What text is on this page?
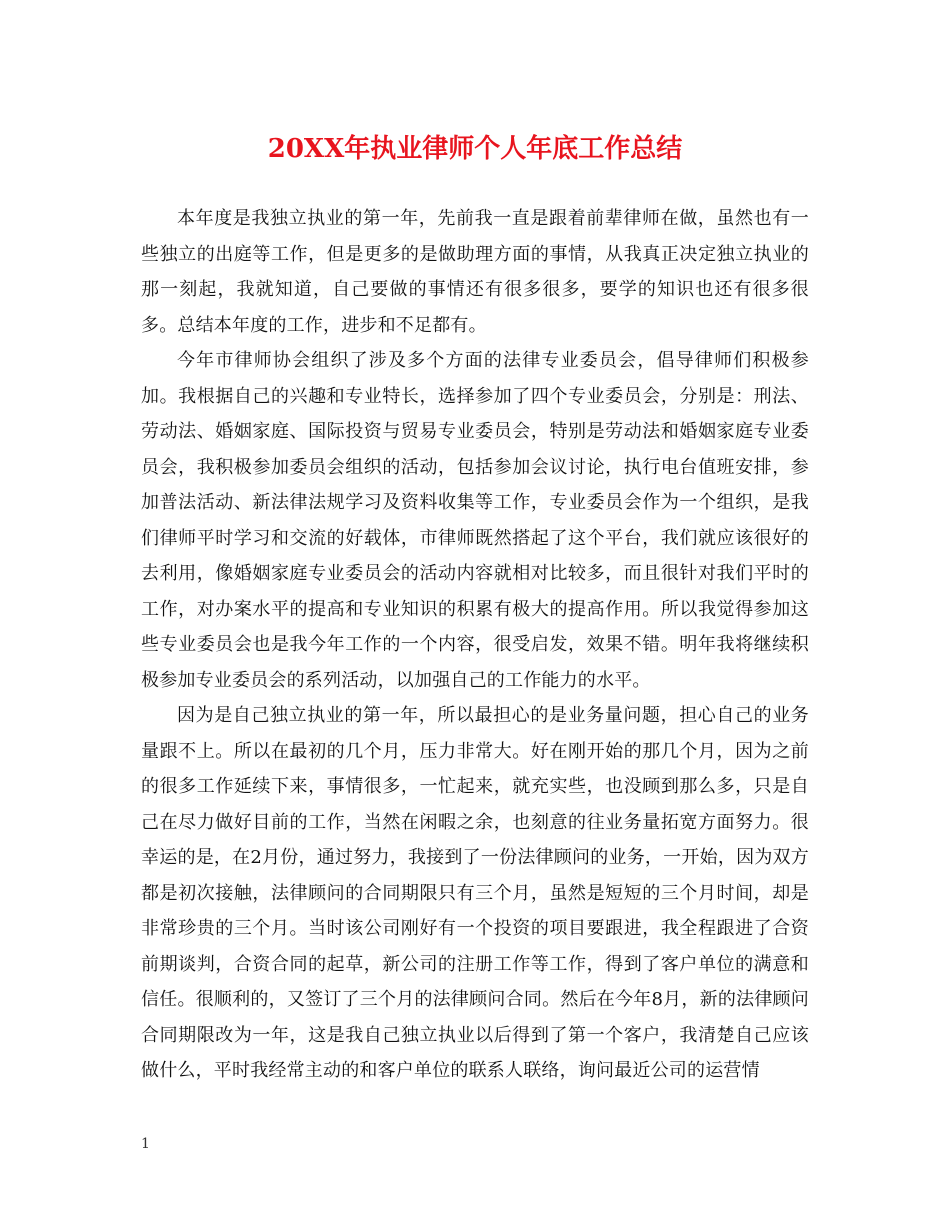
20XX年执业律师个人年底工作总结

本年度是我独立执业的第一年，先前我一直是跟着前辈律师在做，虽然也有一些独立的出庭等工作，但是更多的是做助理方面的事情，从我真正决定独立执业的那一刻起，我就知道，自己要做的事情还有很多很多，要学的知识也还有很多很多。总结本年度的工作，进步和不足都有。

今年市律师协会组织了涉及多个方面的法律专业委员会，倡导律师们积极参加。我根据自己的兴趣和专业特长，选择参加了四个专业委员会，分别是：刑法、劳动法、婚姻家庭、国际投资与贸易专业委员会，特别是劳动法和婚姻家庭专业委员会，我积极参加委员会组织的活动，包括参加会议讨论，执行电台值班安排，参加普法活动、新法律法规学习及资料收集等工作，专业委员会作为一个组织，是我们律师平时学习和交流的好载体，市律师既然搭起了这个平台，我们就应该很好的去利用，像婚姻家庭专业委员会的活动内容就相对比较多，而且很针对我们平时的工作，对办案水平的提高和专业知识的积累有极大的提高作用。所以我觉得参加这些专业委员会也是我今年工作的一个内容，很受启发，效果不错。明年我将继续积极参加专业委员会的系列活动，以加强自己的工作能力的水平。

因为是自己独立执业的第一年，所以最担心的是业务量问题，担心自己的业务量跟不上。所以在最初的几个月，压力非常大。好在刚开始的那几个月，因为之前的很多工作延续下来，事情很多，一忙起来，就充实些，也没顾到那么多，只是自己在尽力做好目前的工作，当然在闲暇之余，也刻意的往业务量拓宽方面努力。很幸运的是，在2月份，通过努力，我接到了一份法律顾问的业务，一开始，因为双方都是初次接触，法律顾问的合同期限只有三个月，虽然是短短的三个月时间，却是非常珍贵的三个月。当时该公司刚好有一个投资的项目要跟进，我全程跟进了合资前期谈判，合资合同的起草，新公司的注册工作等工作，得到了客户单位的满意和信任。很顺利的，又签订了三个月的法律顾问合同。然后在今年8月，新的法律顾问合同期限改为一年，这是我自己独立执业以后得到了第一个客户，我清楚自己应该做什么，平时我经常主动的和客户单位的联系人联络，询问最近公司的运营情

1
